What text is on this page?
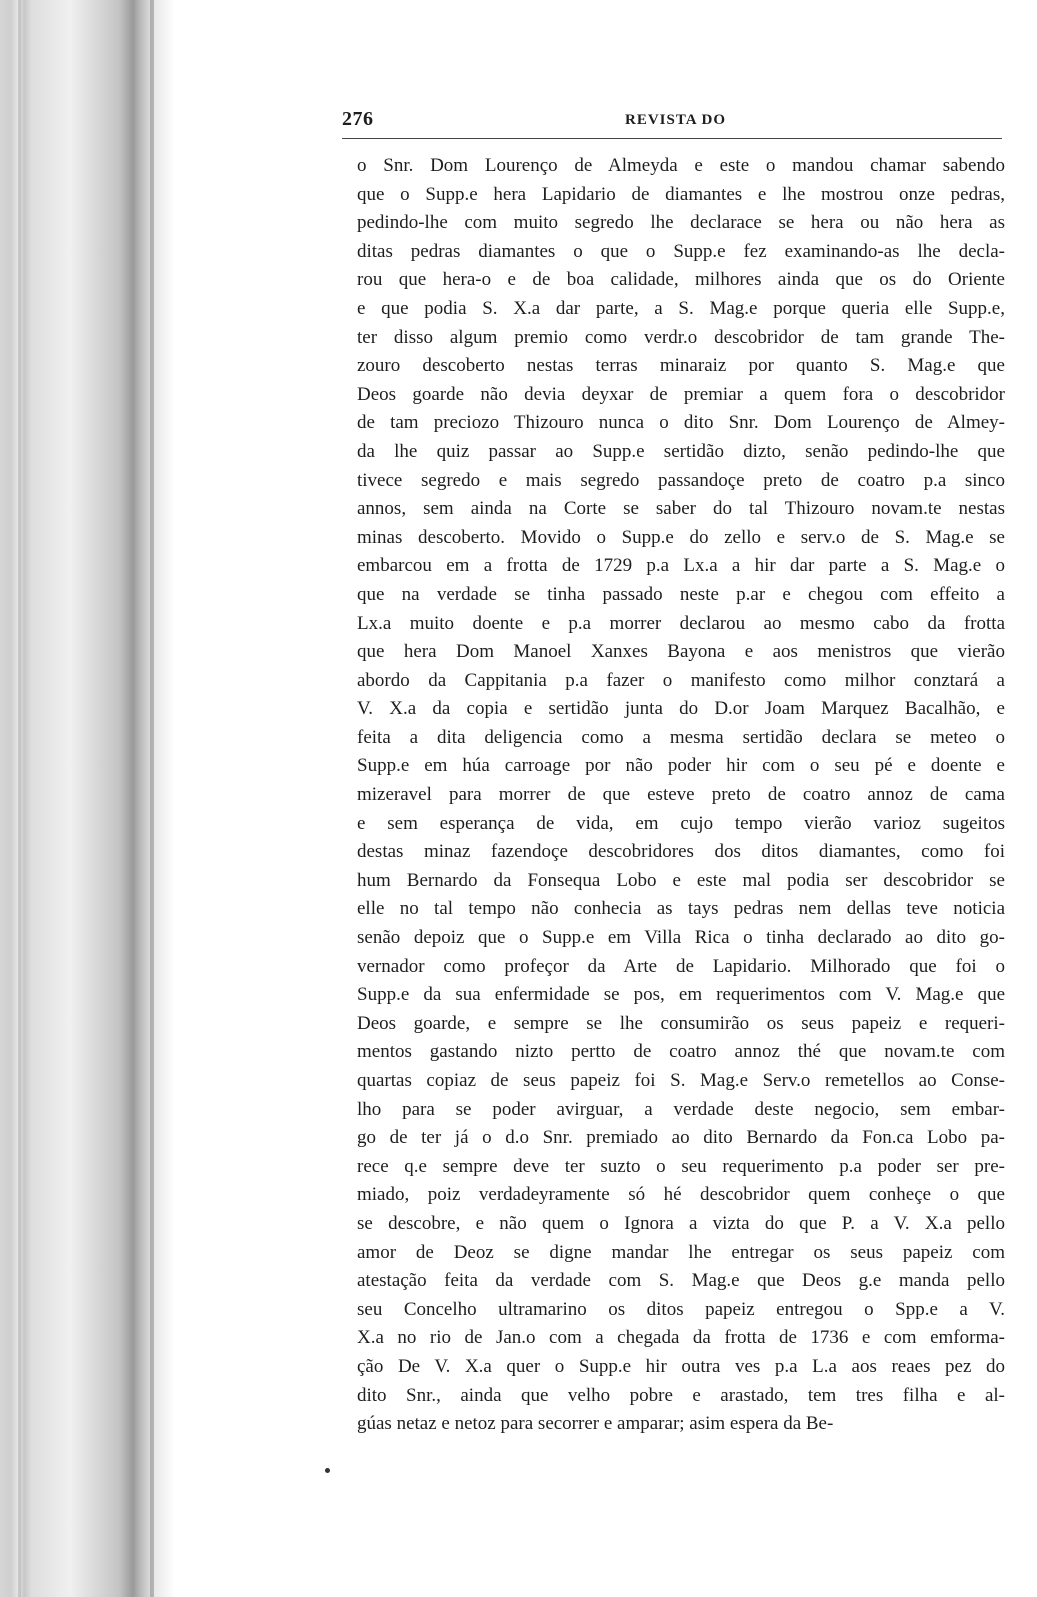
276	REVISTA DO
o Snr. Dom Lourenço de Almeyda e este o mandou chamar sabendo
que o Supp.e hera Lapidario de diamantes e lhe mostrou onze pedras,
pedindo-lhe com muito segredo lhe declarace se hera ou não hera as
ditas pedras diamantes o que o Supp.e fez examinando-as lhe decla-
rou que hera-o e de boa calidade, milhores ainda que os do Oriente
e que podia S. X.a dar parte, a S. Mag.e porque queria elle Supp.e,
ter disso algum premio como verdr.o descobridor de tam grande The-
zouro descoberto nestas terras minaraiz por quanto S. Mag.e que
Deos goarde não devia deyxar de premiar a quem fora o descobridor
de tam preciozo Thizouro nunca o dito Snr. Dom Lourenço de Almey-
da lhe quiz passar ao Supp.e sertidão dizto, senão pedindo-lhe que
tivece segredo e mais segredo passandoçe preto de coatro p.a sinco
annos, sem ainda na Corte se saber do tal Thizouro novam.te nestas
minas descoberto. Movido o Supp.e do zello e serv.o de S. Mag.e se
embarcou em a frotta de 1729 p.a Lx.a a hir dar parte a S. Mag.e o
que na verdade se tinha passado neste p.ar e chegou com effeito a
Lx.a muito doente e p.a morrer declarou ao mesmo cabo da frotta
que hera Dom Manoel Xanxes Bayona e aos menistros que vierão
abordo da Cappitania p.a fazer o manifesto como milhor conztará a
V. X.a da copia e sertidão junta do D.or Joam Marquez Bacalhão, e
feita a dita deligencia como a mesma sertidão declara se meteo o
Supp.e em húa carroage por não poder hir com o seu pé e doente e
mizeravel para morrer de que esteve preto de coatro annoz de cama
e sem esperança de vida, em cujo tempo vierão varioz sugeitos
destas minaz fazendoçe descobridores dos ditos diamantes, como foi
hum Bernardo da Fonsequa Lobo e este mal podia ser descobridor se
elle no tal tempo não conhecia as tays pedras nem dellas teve noticia
senão depoiz que o Supp.e em Villa Rica o tinha declarado ao dito go-
vernador como profeçor da Arte de Lapidario. Milhorado que foi o
Supp.e da sua enfermidade se pos, em requerimentos com V. Mag.e que
Deos goarde, e sempre se lhe consumirão os seus papeiz e requeri-
mentos gastando nizto pertto de coatro annoz thé que novam.te com
quartas copiaz de seus papeiz foi S. Mag.e Serv.o remetellos ao Conse-
lho para se poder avirguar, a verdade deste negocio, sem embar-
go de ter já o d.o Snr. premiado ao dito Bernardo da Fon.ca Lobo pa-
rece q.e sempre deve ter suzto o seu requerimento p.a poder ser pre-
miado, poiz verdadeyramente só hé descobridor quem conheçe o que
se descobre, e não quem o Ignora a vizta do que P. a V. X.a pello
amor de Deoz se digne mandar lhe entregar os seus papeiz com
atestação feita da verdade com S. Mag.e que Deos g.e manda pello
seu Concelho ultramarino os ditos papeiz entregou o Spp.e a V.
X.a no rio de Jan.o com a chegada da frotta de 1736 e com emforma-
ção De V. X.a quer o Supp.e hir outra ves p.a L.a aos reaes pez do
dito Snr., ainda que velho pobre e arastado, tem tres filha e al-
gúas netaz e netoz para secorrer e amparar; asim espera da Be-
